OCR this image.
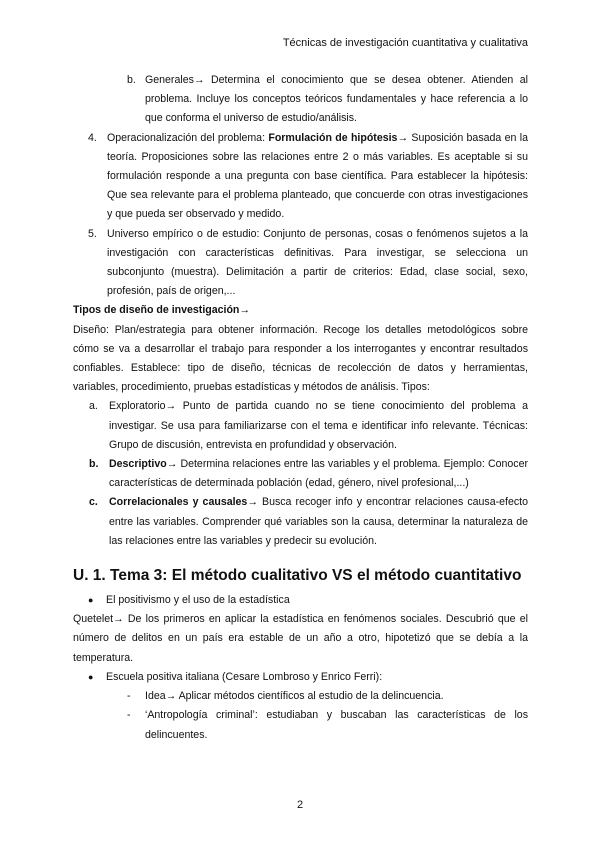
Técnicas de investigación cuantitativa y cualitativa
b. Generales→ Determina el conocimiento que se desea obtener. Atienden al problema. Incluye los conceptos teóricos fundamentales y hace referencia a lo que conforma el universo de estudio/análisis.
4. Operacionalización del problema: Formulación de hipótesis→ Suposición basada en la teoría. Proposiciones sobre las relaciones entre 2 o más variables. Es aceptable si su formulación responde a una pregunta con base científica. Para establecer la hipótesis: Que sea relevante para el problema planteado, que concuerde con otras investigaciones y que pueda ser observado y medido.
5. Universo empírico o de estudio: Conjunto de personas, cosas o fenómenos sujetos a la investigación con características definitivas. Para investigar, se selecciona un subconjunto (muestra). Delimitación a partir de criterios: Edad, clase social, sexo, profesión, país de origen,...
Tipos de diseño de investigación→
Diseño: Plan/estrategia para obtener información. Recoge los detalles metodológicos sobre cómo se va a desarrollar el trabajo para responder a los interrogantes y encontrar resultados confiables. Establece: tipo de diseño, técnicas de recolección de datos y herramientas, variables, procedimiento, pruebas estadísticas y métodos de análisis. Tipos:
a. Exploratorio→ Punto de partida cuando no se tiene conocimiento del problema a investigar. Se usa para familiarizarse con el tema e identificar info relevante. Técnicas: Grupo de discusión, entrevista en profundidad y observación.
b. Descriptivo→ Determina relaciones entre las variables y el problema. Ejemplo: Conocer características de determinada población (edad, género, nivel profesional,...)
c. Correlacionales y causales→ Busca recoger info y encontrar relaciones causa-efecto entre las variables. Comprender qué variables son la causa, determinar la naturaleza de las relaciones entre las variables y predecir su evolución.
U. 1. Tema 3: El método cualitativo VS el método cuantitativo
● El positivismo y el uso de la estadística
Quetelet→ De los primeros en aplicar la estadística en fenómenos sociales. Descubrió que el número de delitos en un país era estable de un año a otro, hipotetizó que se debía a la temperatura.
● Escuela positiva italiana (Cesare Lombroso y Enrico Ferri):
- Idea→ Aplicar métodos científicos al estudio de la delincuencia.
- ‘Antropología criminal’: estudiaban y buscaban las características de los delincuentes.
2
